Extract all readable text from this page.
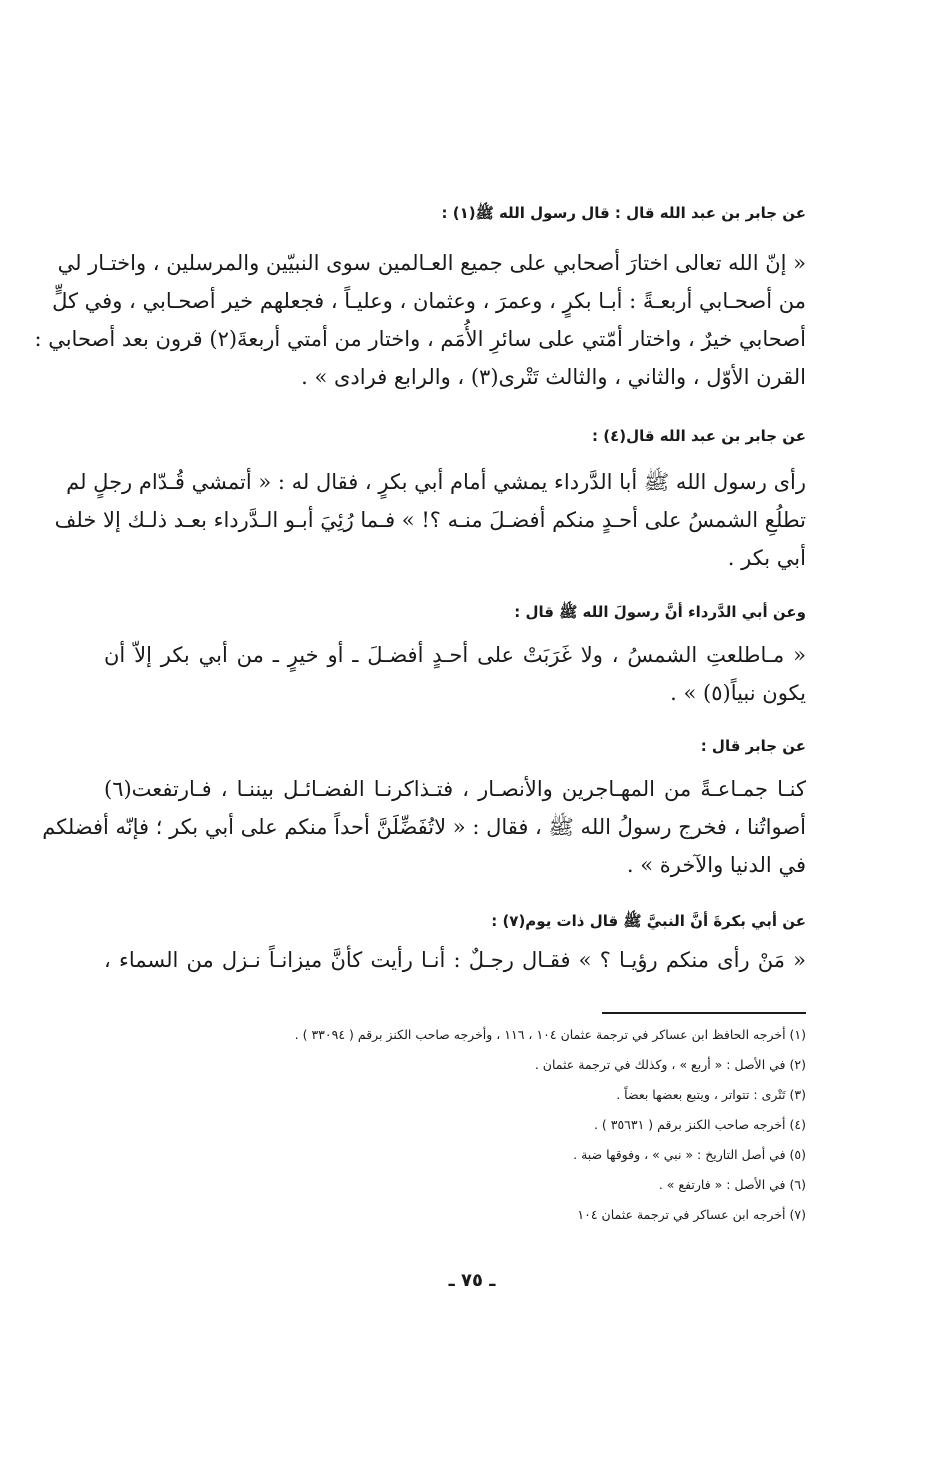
عن جابر بن عبد الله قال : قال رسول الله ﷺ(١) :
« إنّ الله تعالى اختارَ أصحابي على جميع العـالمين سوى النبيّين والمرسلين ، واختـار لي
من أصحـابي أربعـةً : أبـا بكرٍ ، وعمرَ ، وعثمان ، وعليـاً ، فجعلهم خير أصحـابي ، وفي كلٍّ
أصحابي خيرٌ ، واختار أمّتي على سائرِ الأُمَم ، واختار من أمتي أربعةَ(٢) قرون بعد أصحابي :
القرن الأوّل ، والثاني ، والثالث تَتْرى(٣) ، والرابع فرادى » .
عن جابر بن عبد الله قال(٤) :
رأى رسول الله ﷺ أبا الدَّرداء يمشي أمام أبي بكرٍ ، فقال له : « أتمشي قُـدّام رجلٍ لم
تطلُعِ الشمسُ على أحـدٍ منكم أفضـلَ منـه ؟! » فـما رُئِيَ أبـو الـدَّرداء بعـد ذلـك إلا خلف
أبي بكر .
وعن أبي الدَّرداء أنَّ رسولَ الله ﷺ قال :
« مـاطلعتِ الشمسُ ، ولا غَرَبَتْ على أحـدٍ أفضـلَ ـ أو خيرٍ ـ من أبي بكر إلاّ أن
يكون نبياً(٥) » .
عن جابر قال :
كنـا جمـاعـةً من المهـاجرين والأنصـار ، فتـذاكرنـا الفضـائـل بيننـا ، فـارتفعت(٦)
أصواتُنا ، فخرج رسولُ الله ﷺ ، فقال : « لاتُفَضِّلَنَّ أحداً منكم على أبي بكر ؛ فإنّه أفضلكم
في الدنيا والآخرة » .
عن أبي بكرةَ أنَّ النبيَّ ﷺ قال ذات يوم(٧) :
« مَنْ رأى منكم رؤيـا ؟ » فقـال رجـلٌ : أنـا رأيت كأنَّ ميزانـاً نـزل من السماء ،
(١) أخرجه الحافظ ابن عساكر في ترجمة عثمان ١٠٤ ، ١١٦ ، وأخرجه صاحب الكنز برقم ( ٣٣٠٩٤ ) .
(٢) في الأصل : « أربع » ، وكذلك في ترجمة عثمان .
(٣) تَتْرى : تتواتر ، ويتبع بعضها بعضاً .
(٤) أخرجه صاحب الكنز برقم ( ٣٥٦٣١ ) .
(٥) في أصل التاريخ : « نبي » ، وفوقها ضبة .
(٦) في الأصل : « فارتفع » .
(٧) أخرجه ابن عساكر في ترجمة عثمان ١٠٤
ـ ٧٥ ـ
